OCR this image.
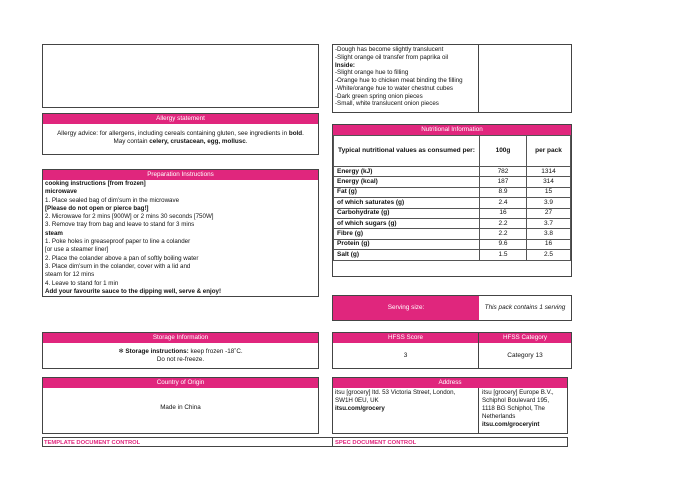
-Dough has become slightly translucent
-Slight orange oil transfer from paprika oil
Inside:
-Slight orange hue to filling
-Orange hue to chicken meat binding the filling
-White/orange hue to water chestnut cubes
-Dark green spring onion pieces
-Small, white translucent onion pieces
Allergy statement
Allergy advice: for allergens, including cereals containing gluten, see ingredients in bold.
May contain celery, crustacean, egg, mollusc.
Preparation Instructions
cooking instructions [from frozen]
microwave
1. Place sealed bag of dim’sum in the microwave
[Please do not open or pierce bag!]
2. Microwave for 2 mins [900W] or 2 mins 30 seconds [750W]
3. Remove tray from bag and leave to stand for 3 mins
steam
1. Poke holes in greaseproof paper to line a colander
[or use a steamer liner]
2. Place the colander above a pan of softly boiling water
3. Place dim’sum in the colander, cover with a lid and
steam for 12 mins
4. Leave to stand for 1 min
Add your favourite sauce to the dipping well, serve & enjoy!
Nutritional Information
Typical nutritional values as consumed per:	100g	per pack
Energy (kJ)	782	1314
Energy (kcal)	187	314
Fat (g)	8.9	15
of which saturates (g)	2.4	3.9
Carbohydrate (g)	16	27
of which sugars (g)	2.2	3.7
Fibre (g)	2.2	3.8
Protein (g)	9.6	16
Salt (g)	1.5	2.5
Serving size:	This pack contains 1 serving
Storage Information
❄ Storage instructions: keep frozen -18˚C.
Do not re-freeze.
HFSS Score	HFSS Category
3	Category 13
Country of Origin
Made in China
Address
itsu [grocery] ltd. 53 Victoria Street, London,
SW1H 0EU, UK
itsu.com/grocery
itsu [grocery] Europe B.V.,
Schiphol Boulevard 195,
1118 BG Schiphol, The
Netherlands
itsu.com/groceryint
TEMPLATE DOCUMENT CONTROL	SPEC DOCUMENT CONTROL
